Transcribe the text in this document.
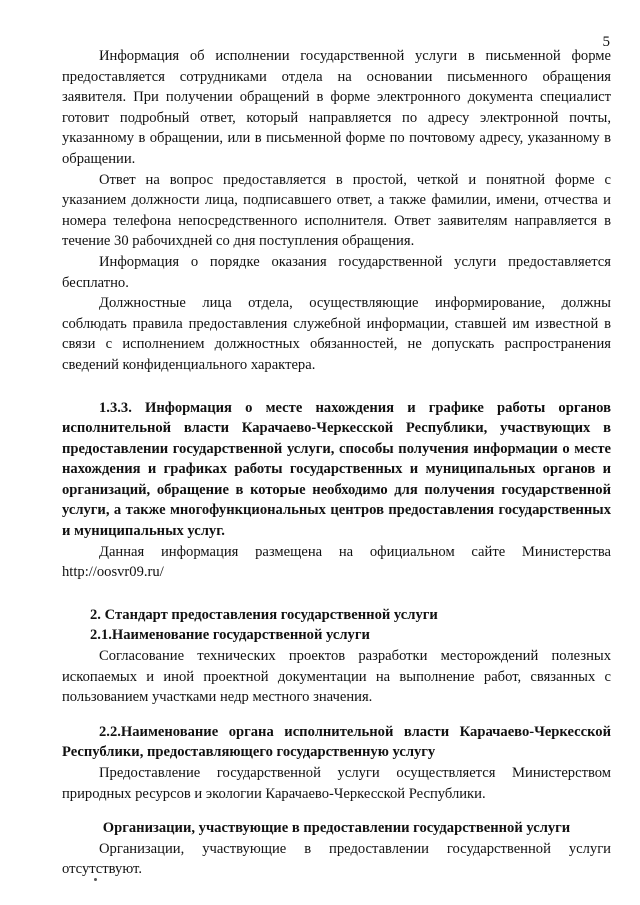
5

Информация об исполнении государственной услуги в письменной форме предоставляется сотрудниками отдела на основании письменного обращения заявителя. При получении обращений в форме электронного документа специалист готовит подробный ответ, который направляется по адресу электронной почты, указанному в обращении, или в письменной форме по почтовому адресу, указанному в обращении.

Ответ на вопрос предоставляется в простой, четкой и понятной форме с указанием должности лица, подписавшего ответ, а также фамилии, имени, отчества и номера телефона непосредственного исполнителя. Ответ заявителям направляется в течение 30 рабочихдней со дня поступления обращения.

Информация о порядке оказания государственной услуги предоставляется бесплатно.

Должностные лица отдела, осуществляющие информирование, должны соблюдать правила предоставления служебной информации, ставшей им известной в связи с исполнением должностных обязанностей, не допускать распространения сведений конфиденциального характера.

1.3.3. Информация о месте нахождения и графике работы органов исполнительной власти Карачаево-Черкесской Республики, участвующих в предоставлении государственной услуги, способы получения информации о месте нахождения и графиках работы государственных и муниципальных органов и организаций, обращение в которые необходимо для получения государственной услуги, а также многофункциональных центров предоставления государственных и муниципальных услуг.

Данная информация размещена на официальном сайте Министерства http://oosvr09.ru/

2. Стандарт предоставления государственной услуги

2.1.Наименование государственной услуги

Согласование технических проектов разработки месторождений полезных ископаемых и иной проектной документации на выполнение работ, связанных с пользованием участками недр местного значения.

2.2.Наименование органа исполнительной власти Карачаево-Черкесской Республики, предоставляющего государственную услугу

Предоставление государственной услуги осуществляется Министерством природных ресурсов и экологии Карачаево-Черкесской Республики.

Организации, участвующие в предоставлении государственной услуги

Организации, участвующие в предоставлении государственной услуги отсутствуют.
